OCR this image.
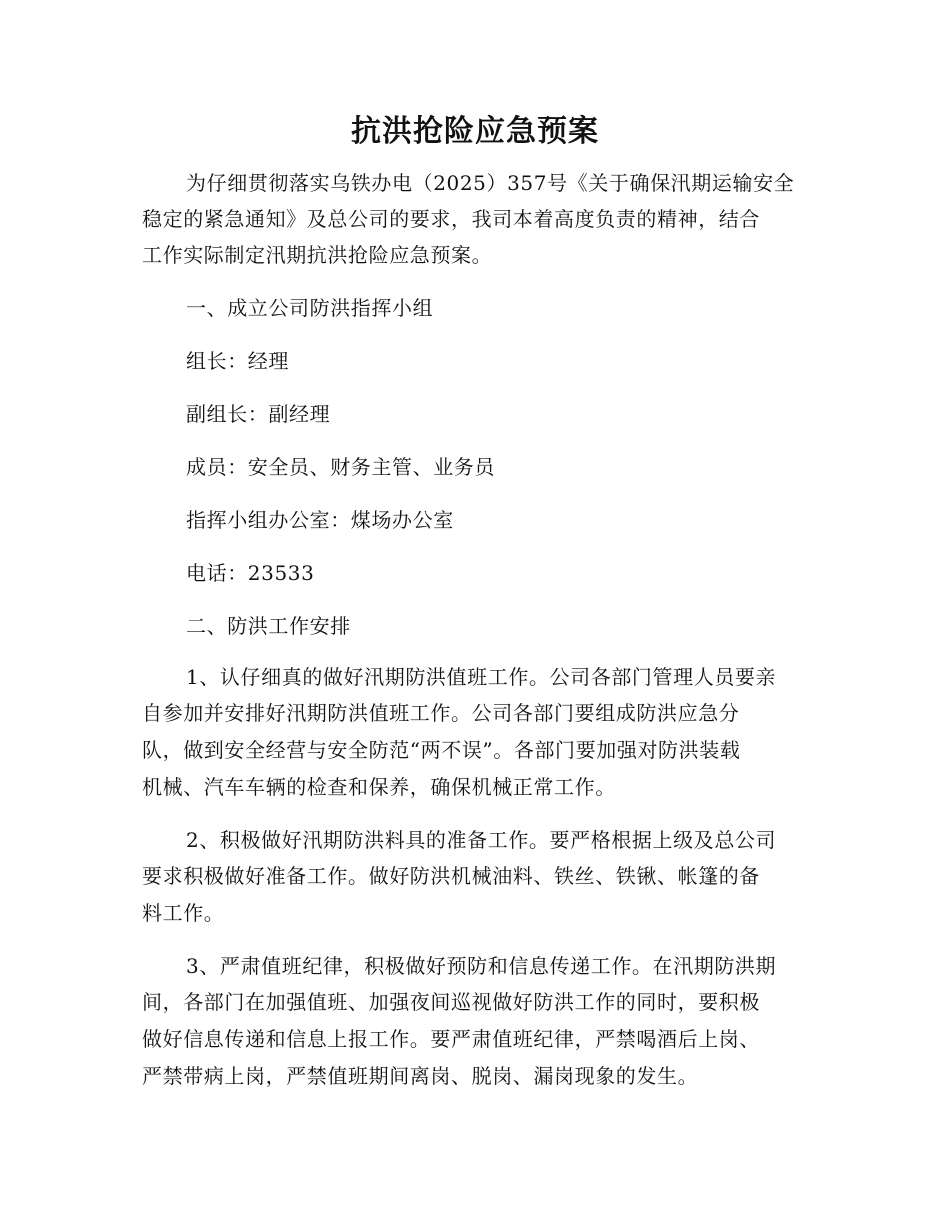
抗洪抢险应急预案
为仔细贯彻落实乌铁办电（2025）357号《关于确保汛期运输安全
稳定的紧急通知》及总公司的要求，我司本着高度负责的精神，结合
工作实际制定汛期抗洪抢险应急预案。
一、成立公司防洪指挥小组
组长：经理
副组长：副经理
成员：安全员、财务主管、业务员
指挥小组办公室：煤场办公室
电话：23533
二、防洪工作安排
1、认仔细真的做好汛期防洪值班工作。公司各部门管理人员要亲
自参加并安排好汛期防洪值班工作。公司各部门要组成防洪应急分
队，做到安全经营与安全防范“两不误”。各部门要加强对防洪装载
机械、汽车车辆的检查和保养，确保机械正常工作。
2、积极做好汛期防洪料具的准备工作。要严格根据上级及总公司
要求积极做好准备工作。做好防洪机械油料、铁丝、铁锹、帐篷的备
料工作。
3、严肃值班纪律，积极做好预防和信息传递工作。在汛期防洪期
间，各部门在加强值班、加强夜间巡视做好防洪工作的同时，要积极
做好信息传递和信息上报工作。要严肃值班纪律，严禁喝酒后上岗、
严禁带病上岗，严禁值班期间离岗、脱岗、漏岗现象的发生。
